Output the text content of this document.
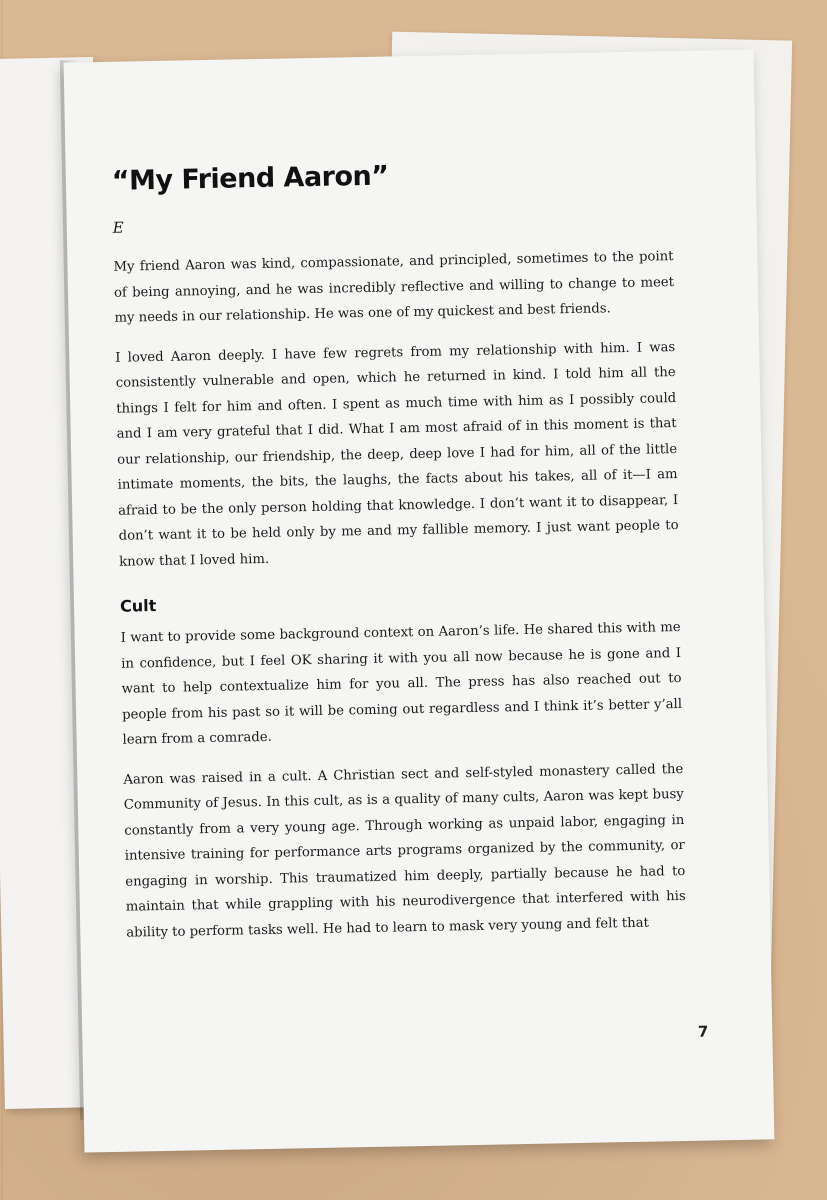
“My Friend Aaron”
E

My friend Aaron was kind, compassionate, and principled, sometimes to the point of being annoying, and he was incredibly reflective and willing to change to meet my needs in our relationship. He was one of my quickest and best friends.

I loved Aaron deeply. I have few regrets from my relationship with him. I was consistently vulnerable and open, which he returned in kind. I told him all the things I felt for him and often. I spent as much time with him as I possibly could and I am very grateful that I did. What I am most afraid of in this moment is that our relationship, our friendship, the deep, deep love I had for him, all of the little intimate moments, the bits, the laughs, the facts about his takes, all of it—I am afraid to be the only person holding that knowledge. I don’t want it to disappear, I don’t want it to be held only by me and my fallible memory. I just want people to know that I loved him.

Cult

I want to provide some background context on Aaron’s life. He shared this with me in confidence, but I feel OK sharing it with you all now because he is gone and I want to help contextualize him for you all. The press has also reached out to people from his past so it will be coming out regardless and I think it’s better y’all learn from a comrade.

Aaron was raised in a cult. A Christian sect and self-styled monastery called the Community of Jesus. In this cult, as is a quality of many cults, Aaron was kept busy constantly from a very young age. Through working as unpaid labor, engaging in intensive training for performance arts programs organized by the community, or engaging in worship. This traumatized him deeply, partially because he had to maintain that while grappling with his neurodivergence that interfered with his ability to perform tasks well. He had to learn to mask very young and felt that

7
